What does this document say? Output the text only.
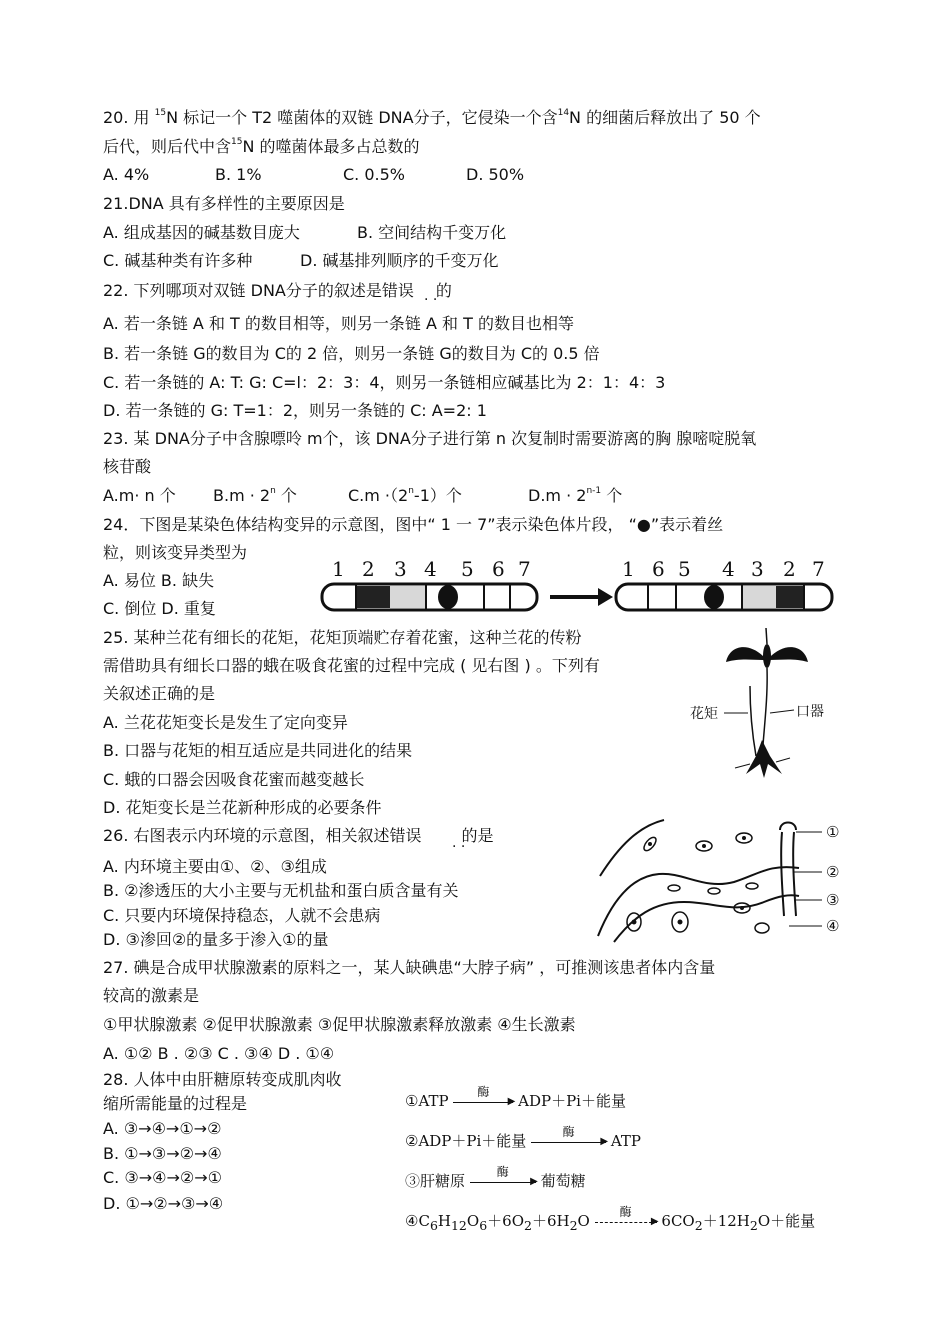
20. 用 $^{15}$N 标记一个 T2 噬菌体的双链 DNA分子，它侵染一个含$^{14}$N 的细菌后释放出了 50 个
后代，则后代中含$^{15}$N 的噬菌体最多占总数的
A. 4%	B. 1%	C. 0.5%	D. 50%
21.DNA 具有多样性的主要原因是
A. 组成基因的碱基数目庞大	B. 空间结构千变万化
C. 碱基种类有许多种	D. 碱基排列顺序的千变万化
22. 下列哪项对双链 DNA分子的叙述是错误 的
· ·
A. 若一条链 A 和 T 的数目相等，则另一条链 A 和 T 的数目也相等
B. 若一条链 G的数目为 C的 2 倍，则另一条链 G的数目为 C的 0.5 倍
C. 若一条链的 A: T: G: C=l：2：3：4，则另一条链相应碱基比为 2：1：4：3
D. 若一条链的 G: T=1：2，则另一条链的 C: A=2: 1
23. 某 DNA分子中含腺嘌呤 m个，该 DNA分子进行第 n 次复制时需要游离的胸 腺嘧啶脱氧
核苷酸
A.m· n 个 $B.m \cdot 2^n$ 个	$C.m \cdot(2^n-1)$个	$D.m \cdot 2^{n-1}$ 个
24．下图是某染色体结构变异的示意图，图中“ 1 一 7”表示染色体片段， “●”表示着丝
粒，则该变异类型为
A. 易位 B. 缺失
C. 倒位 D. 重复
1 2 3 4 5 6 7	1 6 5 4 3 2 7
25. 某种兰花有细长的花矩，花矩顶端贮存着花蜜，这种兰花的传粉
需借助具有细长口器的蛾在吸食花蜜的过程中完成 ( 见右图 ) 。下列有
关叙述正确的是
A. 兰花花矩变长是发生了定向变异
B. 口器与花矩的相互适应是共同进化的结果
C. 蛾的口器会因吸食花蜜而越变越长
D. 花矩变长是兰花新种形成的必要条件
花矩	口器
26. 右图表示内环境的示意图，相关叙述错误	的是
· ·
A. 内环境主要由①、②、③组成
B. ②渗透压的大小主要与无机盐和蛋白质含量有关
C. 只要内环境保持稳态，人就不会患病
D. ③渗回②的量多于渗入①的量
①
②
③
④
27. 碘是合成甲状腺激素的原料之一，某人缺碘患“大脖子病” ，可推测该患者体内含量
较高的激素是
①甲状腺激素 ②促甲状腺激素 ③促甲状腺激素释放激素 ④生长激素
A. ①② B . ②③ C . ③④ D . ①④
28. 人体中由肝糖原转变成肌肉收
缩所需能量的过程是
A. ③→④→①→②
B. ①→③→②→④
C. ③→④→②→①
D. ①→②→③→④
①ATP	酶
▶ ADP＋Pi＋能量
②ADP＋Pi＋能量	酶
▶ ATP
③肝糖原	酶
▶ 葡萄糖
$④C_6H_{12}O_6+6O_2+6H_2O$	酶
▶ $6CO_2+12H_2O+$能量
